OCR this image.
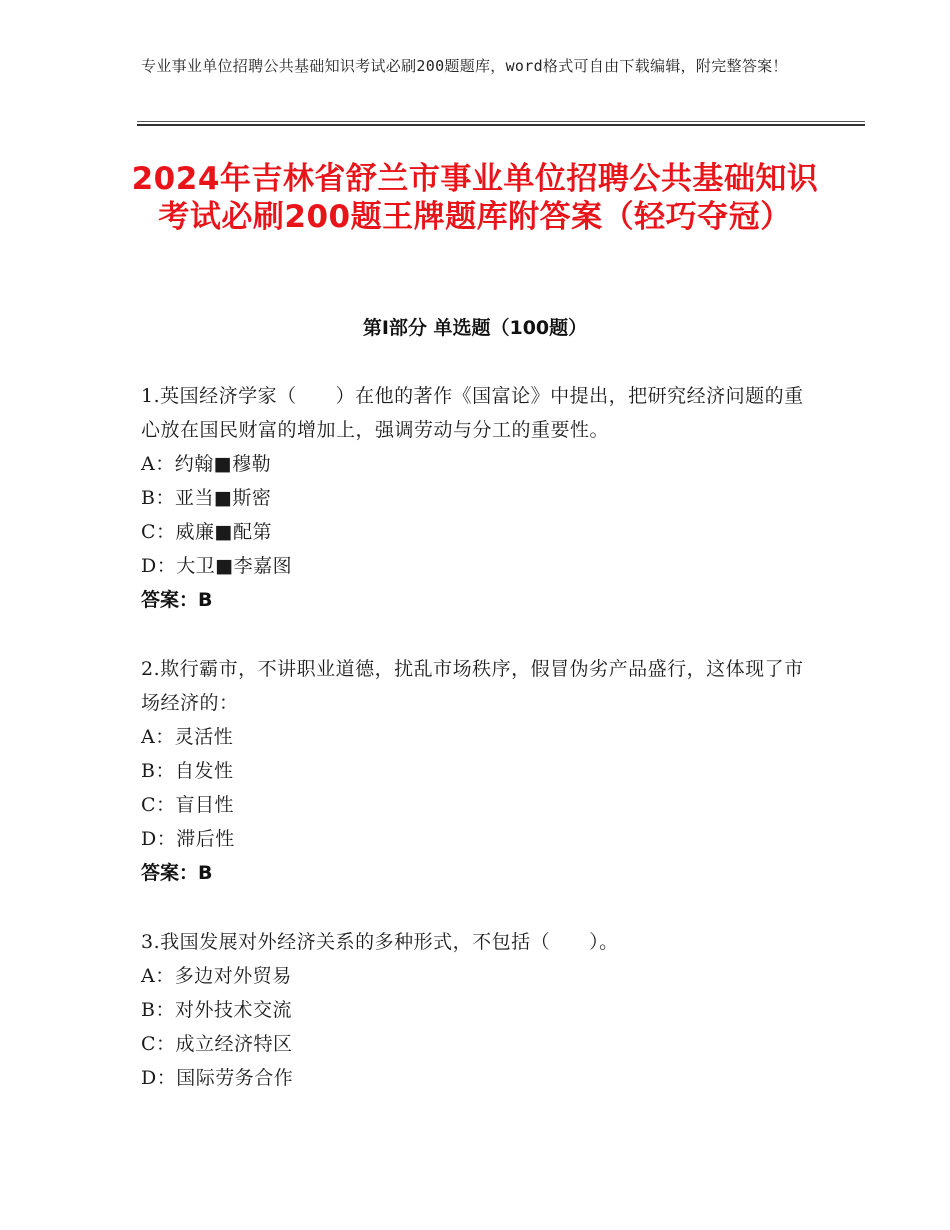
专业事业单位招聘公共基础知识考试必刷200题题库，word格式可自由下载编辑，附完整答案！
2024年吉林省舒兰市事业单位招聘公共基础知识考试必刷200题王牌题库附答案（轻巧夺冠）
第Ⅰ部分 单选题（100题）
1.英国经济学家（　　）在他的著作《国富论》中提出，把研究经济问题的重心放在国民财富的增加上，强调劳动与分工的重要性。
A：约翰■穆勒
B：亚当■斯密
C：威廉■配第
D：大卫■李嘉图
答案：B
2.欺行霸市，不讲职业道德，扰乱市场秩序，假冒伪劣产品盛行，这体现了市场经济的：
A：灵活性
B：自发性
C：盲目性
D：滞后性
答案：B
3.我国发展对外经济关系的多种形式，不包括（　　）。
A：多边对外贸易
B：对外技术交流
C：成立经济特区
D：国际劳务合作
